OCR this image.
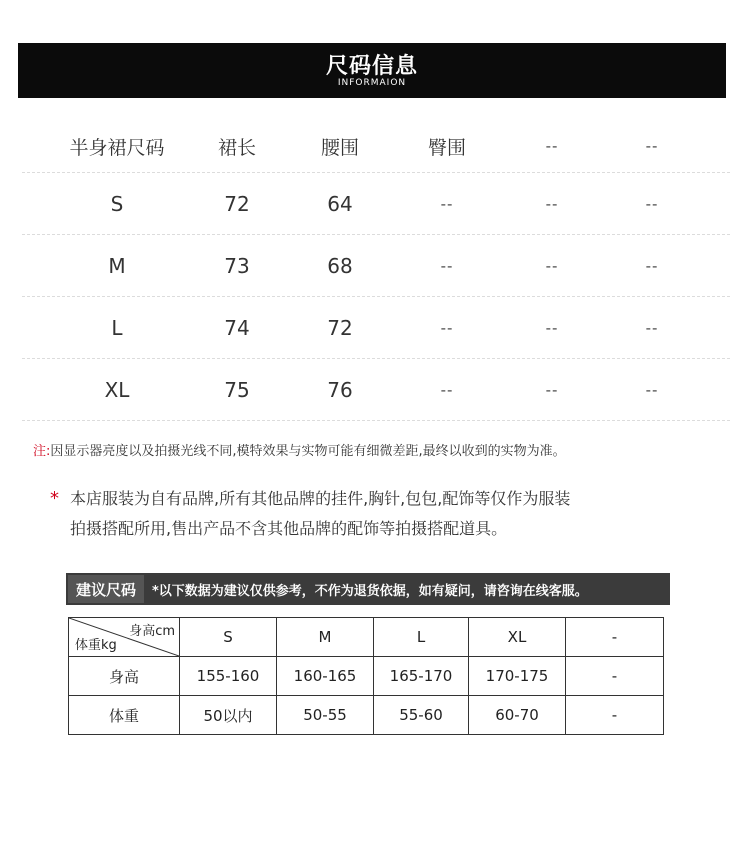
尺码信息
INFORMAION
半身裙尺码	裙长	腰围	臀围	--	--
S	72	64	--	--	--
M	73	68	--	--	--
L	74	72	--	--	--
XL	75	76	--	--	--
注:因显示器亮度以及拍摄光线不同,模特效果与实物可能有细微差距,最终以收到的实物为准。
* 本店服装为自有品牌,所有其他品牌的挂件,胸针,包包,配饰等仅作为服装
拍摄搭配所用,售出产品不含其他品牌的配饰等拍摄搭配道具。
建议尺码	*以下数据为建议仅供参考，不作为退货依据，如有疑问，请咨询在线客服。
身高cm
体重kg	S	M	L	XL	-
身高	155-160	160-165	165-170	170-175	-
体重	50以内	50-55	55-60	60-70	-
